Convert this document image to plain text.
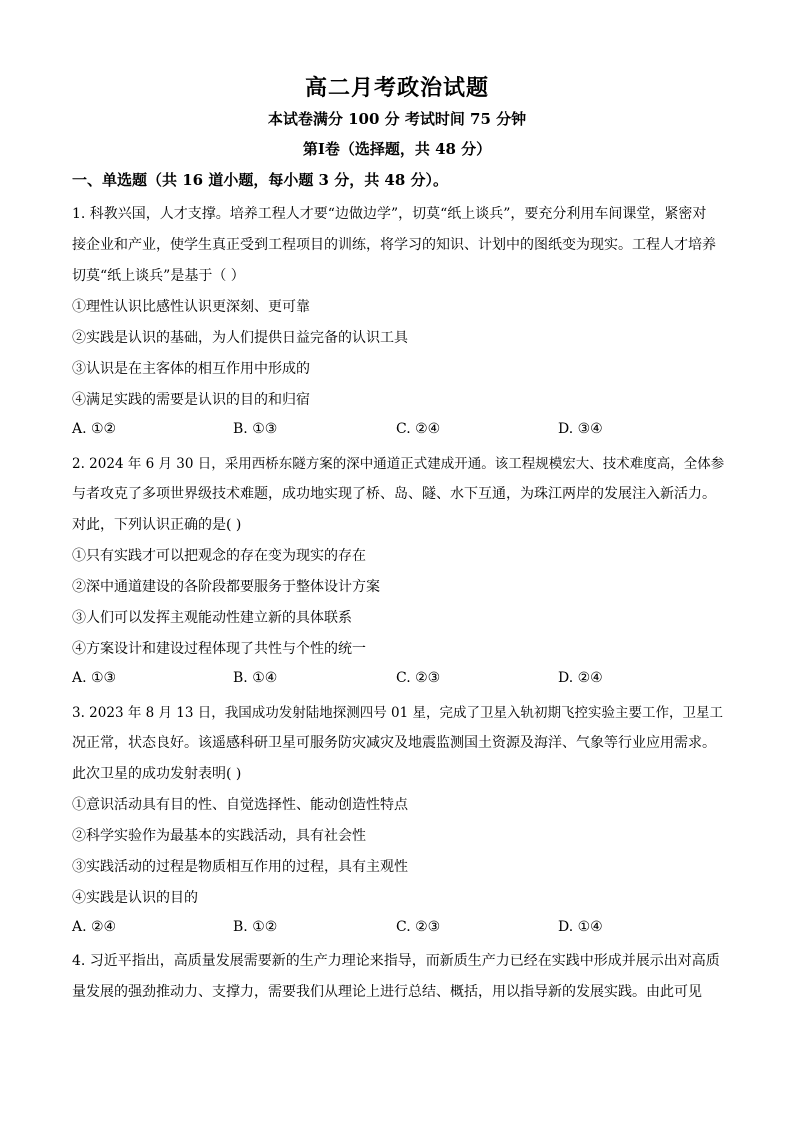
高二月考政治试题
本试卷满分 100 分 考试时间 75 分钟
第Ⅰ卷（选择题，共 48 分）
一、单选题（共 16 道小题，每小题 3 分，共 48 分）。
1. 科教兴国，人才支撑。培养工程人才要“边做边学”，切莫“纸上谈兵”，要充分利用车间课堂，紧密对
接企业和产业，使学生真正受到工程项目的训练，将学习的知识、计划中的图纸变为现实。工程人才培养
切莫“纸上谈兵”是基于（ ）
①理性认识比感性认识更深刻、更可靠
②实践是认识的基础，为人们提供日益完备的认识工具
③认识是在主客体的相互作用中形成的
④满足实践的需要是认识的目的和归宿
A. ①②	B. ①③	C. ②④	D. ③④
2. 2024 年 6 月 30 日，采用西桥东隧方案的深中通道正式建成开通。该工程规模宏大、技术难度高，全体参
与者攻克了多项世界级技术难题，成功地实现了桥、岛、隧、水下互通，为珠江两岸的发展注入新活力。
对此，下列认识正确的是( )
①只有实践才可以把观念的存在变为现实的存在
②深中通道建设的各阶段都要服务于整体设计方案
③人们可以发挥主观能动性建立新的具体联系
④方案设计和建设过程体现了共性与个性的统一
A. ①③	B. ①④	C. ②③	D. ②④
3. 2023 年 8 月 13 日，我国成功发射陆地探测四号 01 星，完成了卫星入轨初期飞控实验主要工作，卫星工
况正常，状态良好。该遥感科研卫星可服务防灾减灾及地震监测国土资源及海洋、气象等行业应用需求。
此次卫星的成功发射表明( )
①意识活动具有目的性、自觉选择性、能动创造性特点
②科学实验作为最基本的实践活动，具有社会性
③实践活动的过程是物质相互作用的过程，具有主观性
④实践是认识的目的
A. ②④	B. ①②	C. ②③	D. ①④
4. 习近平指出，高质量发展需要新的生产力理论来指导，而新质生产力已经在实践中形成并展示出对高质
量发展的强劲推动力、支撑力，需要我们从理论上进行总结、概括，用以指导新的发展实践。由此可见
